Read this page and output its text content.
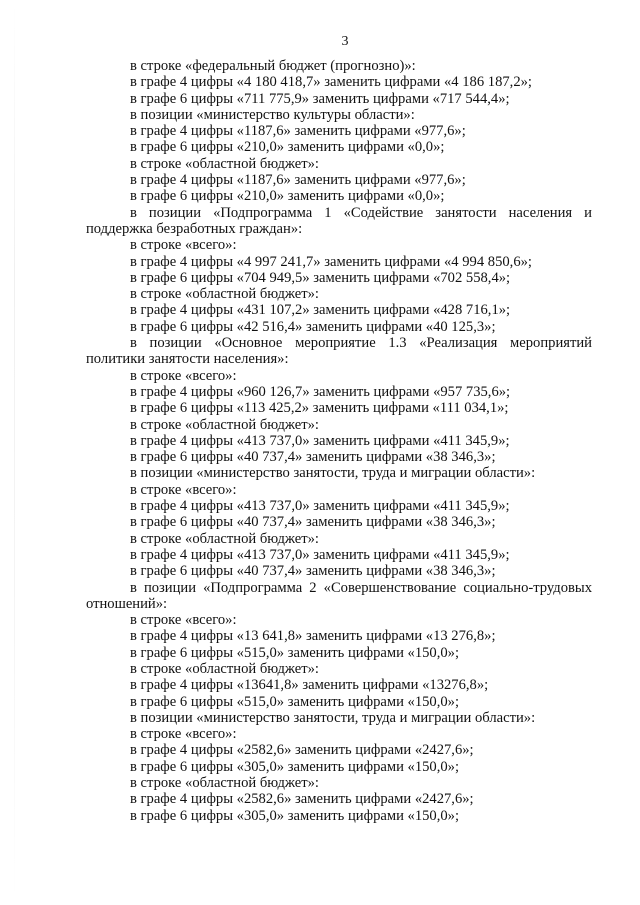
3
в строке «федеральный бюджет (прогнозно)»:
в графе 4 цифры «4 180 418,7» заменить цифрами «4 186 187,2»;
в графе 6 цифры «711 775,9» заменить цифрами «717 544,4»;
в позиции «министерство культуры области»:
в графе 4 цифры «1187,6» заменить цифрами «977,6»;
в графе 6 цифры «210,0» заменить цифрами «0,0»;
в строке «областной бюджет»:
в графе 4 цифры «1187,6» заменить цифрами «977,6»;
в графе 6 цифры «210,0» заменить цифрами «0,0»;
в позиции «Подпрограмма 1 «Содействие занятости населения и
поддержка безработных граждан»:
в строке «всего»:
в графе 4 цифры «4 997 241,7» заменить цифрами «4 994 850,6»;
в графе 6 цифры «704 949,5» заменить цифрами «702 558,4»;
в строке «областной бюджет»:
в графе 4 цифры «431 107,2» заменить цифрами «428 716,1»;
в графе 6 цифры «42 516,4» заменить цифрами «40 125,3»;
в позиции «Основное мероприятие 1.3 «Реализация мероприятий
политики занятости населения»:
в строке «всего»:
в графе 4 цифры «960 126,7» заменить цифрами «957 735,6»;
в графе 6 цифры «113 425,2» заменить цифрами «111 034,1»;
в строке «областной бюджет»:
в графе 4 цифры «413 737,0» заменить цифрами «411 345,9»;
в графе 6 цифры «40 737,4» заменить цифрами «38 346,3»;
в позиции «министерство занятости, труда и миграции области»:
в строке «всего»:
в графе 4 цифры «413 737,0» заменить цифрами «411 345,9»;
в графе 6 цифры «40 737,4» заменить цифрами «38 346,3»;
в строке «областной бюджет»:
в графе 4 цифры «413 737,0» заменить цифрами «411 345,9»;
в графе 6 цифры «40 737,4» заменить цифрами «38 346,3»;
в позиции «Подпрограмма 2 «Совершенствование социально-трудовых
отношений»:
в строке «всего»:
в графе 4 цифры «13 641,8» заменить цифрами «13 276,8»;
в графе 6 цифры «515,0» заменить цифрами «150,0»;
в строке «областной бюджет»:
в графе 4 цифры «13641,8» заменить цифрами «13276,8»;
в графе 6 цифры «515,0» заменить цифрами «150,0»;
в позиции «министерство занятости, труда и миграции области»:
в строке «всего»:
в графе 4 цифры «2582,6» заменить цифрами «2427,6»;
в графе 6 цифры «305,0» заменить цифрами «150,0»;
в строке «областной бюджет»:
в графе 4 цифры «2582,6» заменить цифрами «2427,6»;
в графе 6 цифры «305,0» заменить цифрами «150,0»;
